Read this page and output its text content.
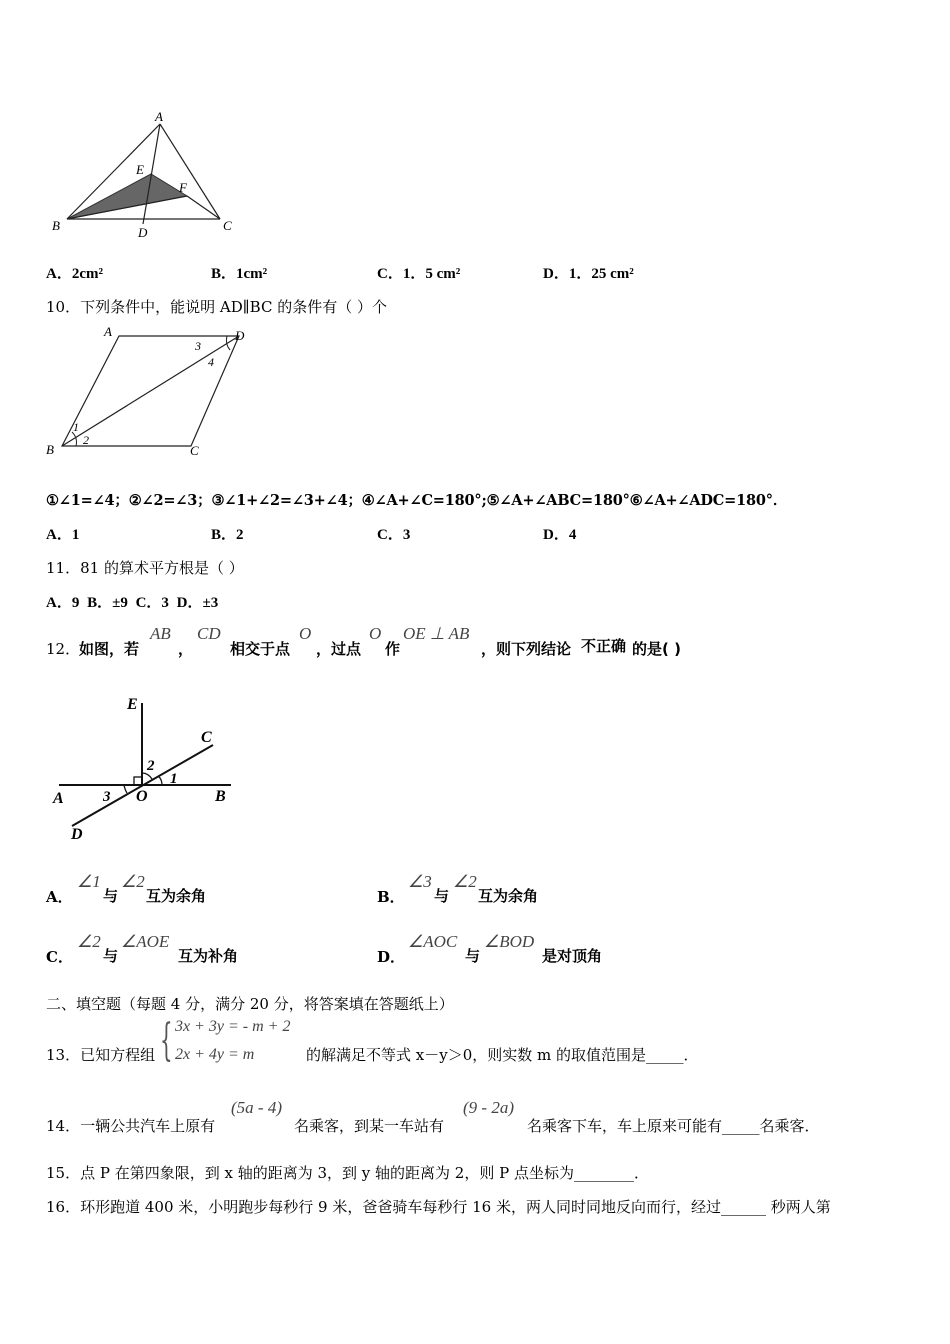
A
E
F
B	D	C
A．2cm²	B．1cm²	C．1．5 cm²	D．1．25 cm²
10．下列条件中，能说明 AD∥BC 的条件有（ ）个
A	D
B	C
1
2
3
4
①∠1=∠4；②∠2=∠3；③∠1+∠2=∠3+∠4；④∠A+∠C=180°;⑤∠A+∠ABC=180°⑥∠A+∠ADC=180°．
A．1	B．2	C．3	D．4
11．81 的算术平方根是（ ）
A．9 B．±9 C．3 D．±3
12．
如图，若
AB
，
CD
相交于点
O
，过点
O
作
OE ⊥ AB
，则下列结论 不正确 的是( )
E
C
2
1
A	3 O	B
D
A．
∠1
与
∠2
互为余角	B．
∠3
与
∠2
互为余角
C．
∠2
与
∠AOE
互为补角	D．
∠AOC
与
∠BOD
是对顶角
二、填空题（每题 4 分，满分 20 分，将答案填在答题纸上）
13．已知方程组 { 3x + 3y = - m + 2
2x + 4y = m	的解满足不等式 x－y＞0，则实数 m 的取值范围是_____．
14．一辆公共汽车上原有
(5a - 4)
名乘客，到某一车站有
(9 - 2a)
名乘客下车，车上原来可能有_____名乘客．
15．点 P 在第四象限，到 x 轴的距离为 3，到 y 轴的距离为 2，则 P 点坐标为________．
16．环形跑道 400 米，小明跑步每秒行 9 米，爸爸骑车每秒行 16 米，两人同时同地反向而行，经过______ 秒两人第
